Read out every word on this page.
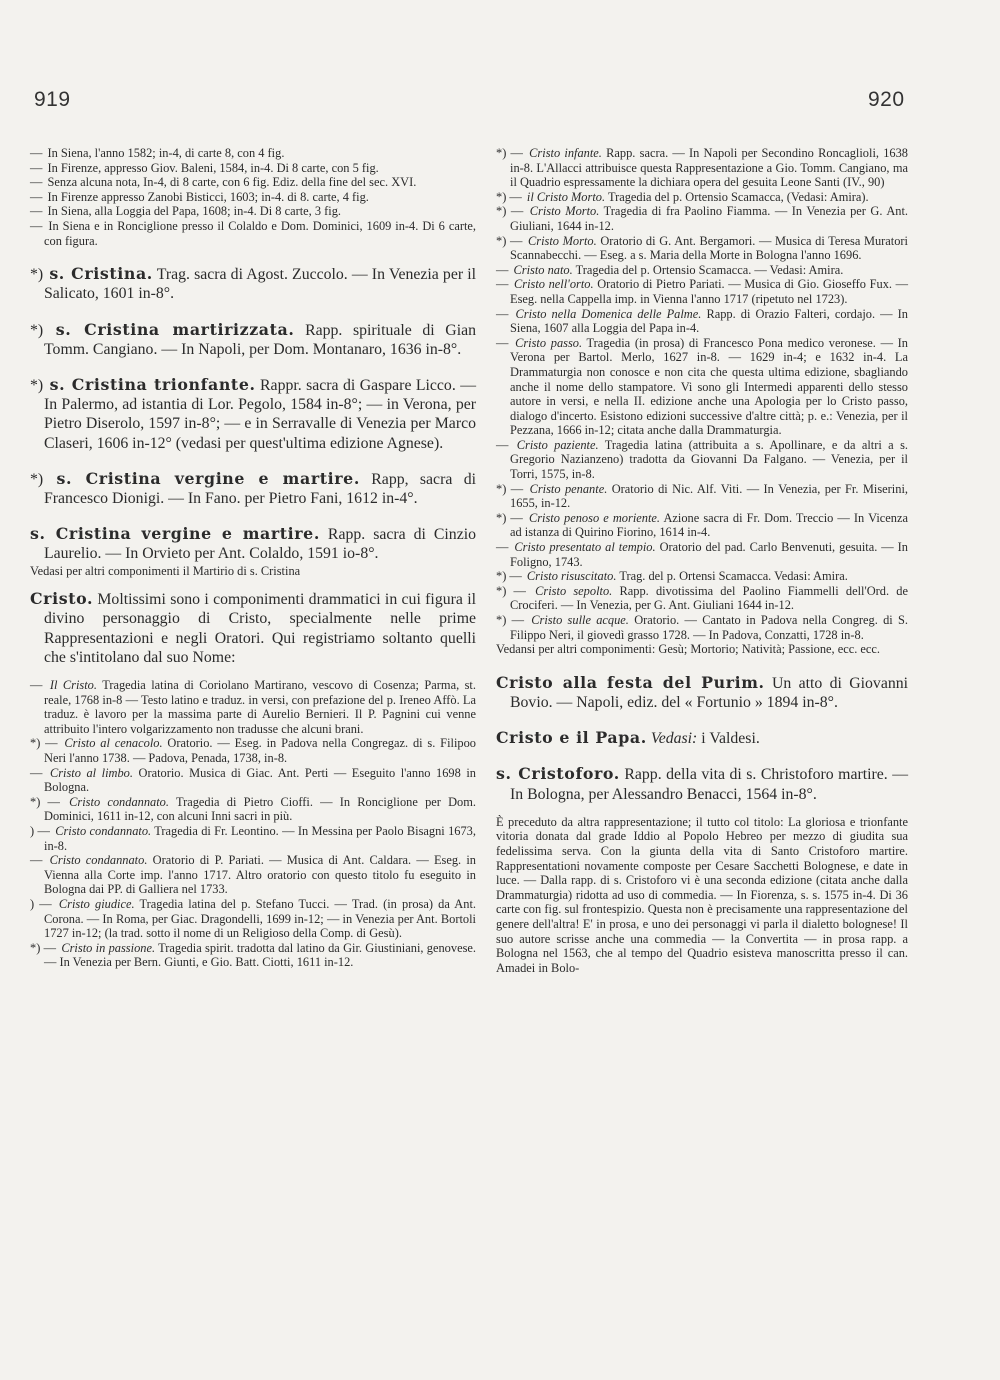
919	920

— In Siena, l'anno 1582; in-4, di carte 8, con 4 fig.

— In Firenze, appresso Giov. Baleni, 1584, in-4. Di 8 carte, con 5 fig.

— Senza alcuna nota, In-4, di 8 carte, con 6 fig. Ediz. della fine del sec. XVI.

— In Firenze appresso Zanobi Bisticci, 1603; in-4. di 8. carte, 4 fig.

— In Siena, alla Loggia del Papa, 1608; in-4. Di 8 carte, 3 fig.

— In Siena e in Ronciglione presso il Colaldo e Dom. Dominici, 1609 in-4. Di 6 carte, con figura.

*) s. Cristina. Trag. sacra di Agost. Zuccolo. — In Venezia per il Salicato, 1601 in-8°.

*) s. Cristina martirizzata. Rapp. spirituale di Gian Tomm. Cangiano. — In Napoli, per Dom. Montanaro, 1636 in-8°.

*) s. Cristina trionfante. Rappr. sacra di Gaspare Licco. — In Palermo, ad istantia di Lor. Pegolo, 1584 in-8°; — in Verona, per Pietro Diserolo, 1597 in-8°; — e in Serravalle di Venezia per Marco Claseri, 1606 in-12° (vedasi per quest'ultima edizione Agnese).

*) s. Cristina vergine e martire. Rapp, sacra di Francesco Dionigi. — In Fano. per Pietro Fani, 1612 in-4°.

s. Cristina vergine e martire. Rapp. sacra di Cinzio Laurelio. — In Orvieto per Ant. Colaldo, 1591 io-8°.

Vedasi per altri componimenti il Martirio di s. Cristina

Cristo. Moltissimi sono i componimenti drammatici in cui figura il divino personaggio di Cristo, specialmente nelle prime Rappresentazioni e negli Oratori. Qui registriamo soltanto quelli che s'intitolano dal suo Nome:

— Il Cristo. Tragedia latina di Coriolano Martirano, vescovo di Cosenza; Parma, st. reale, 1768 in-8 — Testo latino e traduz. in versi, con prefazione del p. Ireneo Affò. La traduz. è lavoro per la massima parte di Aurelio Bernieri. Il P. Pagnini cui venne attribuito l'intero volgarizzamento non tradusse che alcuni brani.

*) — Cristo al cenacolo. Oratorio. — Eseg. in Padova nella Congregaz. di s. Filipoo Neri l'anno 1738. — Padova, Penada, 1738, in-8.

— Cristo al limbo. Oratorio. Musica di Giac. Ant. Perti — Eseguito l'anno 1698 in Bologna.

*) — Cristo condannato. Tragedia di Pietro Cioffi. — In Ronciglione per Dom. Dominici, 1611 in-12, con alcuni Inni sacri in più.

) — Cristo condannato. Tragedia di Fr. Leontino. — In Messina per Paolo Bisagni 1673, in-8.

— Cristo condannato. Oratorio di P. Pariati. — Musica di Ant. Caldara. — Eseg. in Vienna alla Corte imp. l'anno 1717. Altro oratorio con questo titolo fu eseguito in Bologna dai PP. di Galliera nel 1733.

) — Cristo giudice. Tragedia latina del p. Stefano Tucci. — Trad. (in prosa) da Ant. Corona. — In Roma, per Giac. Dragondelli, 1699 in-12; — in Venezia per Ant. Bortoli 1727 in-12; (la trad. sotto il nome di un Religioso della Comp. di Gesù).

*) — Cristo in passione. Tragedia spirit. tradotta dal latino da Gir. Giustiniani, genovese. — In Venezia per Bern. Giunti, e Gio. Batt. Ciotti, 1611 in-12.

*) — Cristo infante. Rapp. sacra. — In Napoli per Secondino Roncaglioli, 1638 in-8. L'Allacci attribuisce questa Rappresentazione a Gio. Tomm. Cangiano, ma il Quadrio espressamente la dichiara opera del gesuita Leone Santi (IV., 90)

*) — il Cristo Morto. Tragedia del p. Ortensio Scamacca, (Vedasi: Amira).

*) — Cristo Morto. Tragedia di fra Paolino Fiamma. — In Venezia per G. Ant. Giuliani, 1644 in-12.

*) — Cristo Morto. Oratorio di G. Ant. Bergamori. — Musica di Teresa Muratori Scannabecchi. — Eseg. a s. Maria della Morte in Bologna l'anno 1696.

— Cristo nato. Tragedia del p. Ortensio Scamacca. — Vedasi: Amira.

— Cristo nell'orto. Oratorio di Pietro Pariati. — Musica di Gio. Gioseffo Fux. — Eseg. nella Cappella imp. in Vienna l'anno 1717 (ripetuto nel 1723).

— Cristo nella Domenica delle Palme. Rapp. di Orazio Falteri, cordajo. — In Siena, 1607 alla Loggia del Papa in-4.

— Cristo passo. Tragedia (in prosa) di Francesco Pona medico veronese. — In Verona per Bartol. Merlo, 1627 in-8. — 1629 in-4; e 1632 in-4. La Drammaturgia non conosce e non cita che questa ultima edizione, sbagliando anche il nome dello stampatore. Vi sono gli Intermedi apparenti dello stesso autore in versi, e nella II. edizione anche una Apologia per lo Cristo passo, dialogo d'incerto. Esistono edizioni successive d'altre città; p. e.: Venezia, per il Pezzana, 1666 in-12; citata anche dalla Drammaturgia.

— Cristo paziente. Tragedia latina (attribuita a s. Apollinare, e da altri a s. Gregorio Nazianzeno) tradotta da Giovanni Da Falgano. — Venezia, per il Torri, 1575, in-8.

*) — Cristo penante. Oratorio di Nic. Alf. Viti. — In Venezia, per Fr. Miserini, 1655, in-12.

*) — Cristo penoso e moriente. Azione sacra di Fr. Dom. Treccio — In Vicenza ad istanza di Quirino Fiorino, 1614 in-4.

— Cristo presentato al tempio. Oratorio del pad. Carlo Benvenuti, gesuita. — In Foligno, 1743.

*) — Cristo risuscitato. Trag. del p. Ortensi Scamacca. Vedasi: Amira.

*) — Cristo sepolto. Rapp. divotissima del Paolino Fiammelli dell'Ord. de Crociferi. — In Venezia, per G. Ant. Giuliani 1644 in-12.

*) — Cristo sulle acque. Oratorio. — Cantato in Padova nella Congreg. di S. Filippo Neri, il giovedì grasso 1728. — In Padova, Conzatti, 1728 in-8.

Vedansi per altri componimenti: Gesù; Mortorio; Natività; Passione, ecc. ecc.

Cristo alla festa del Purim. Un atto di Giovanni Bovio. — Napoli, ediz. del « Fortunio » 1894 in-8°.

Cristo e il Papa. Vedasi: i Valdesi.

s. Cristoforo. Rapp. della vita di s. Christoforo martire. — In Bologna, per Alessandro Benacci, 1564 in-8°.

È preceduto da altra rappresentazione; il tutto col titolo: La gloriosa e trionfante vitoria donata dal grade Iddio al Popolo Hebreo per mezzo di giudita sua fedelissima serva. Con la giunta della vita di Santo Cristoforo martire. Rappresentationi novamente composte per Cesare Sacchetti Bolognese, e date in luce. — Dalla rapp. di s. Cristoforo vi è una seconda edizione (citata anche dalla Drammaturgia) ridotta ad uso di commedia. — In Fiorenza, s. s. 1575 in-4. Di 36 carte con fig. sul frontespizio. Questa non è precisamente una rappresentazione del genere dell'altra! E' in prosa, e uno dei personaggi vi parla il dialetto bolognese! Il suo autore scrisse anche una commedia — la Convertita — in prosa rapp. a Bologna nel 1563, che al tempo del Quadrio esisteva manoscritta presso il can. Amadei in Bolo-
